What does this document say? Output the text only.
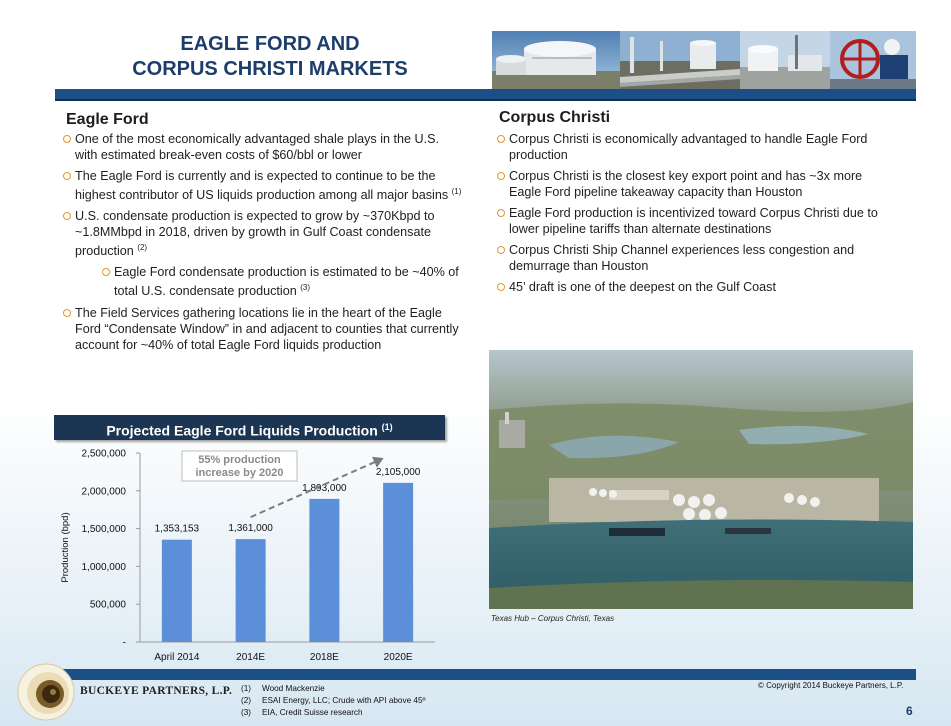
EAGLE FORD AND
CORPUS CHRISTI MARKETS
Eagle Ford
One of the most economically advantaged shale plays in the U.S. with estimated break-even costs of $60/bbl or lower
The Eagle Ford is currently and is expected to continue to be the highest contributor of US liquids production among all major basins $^{(1)}$
U.S. condensate production is expected to grow by ~370Kbpd to ~1.8MMbpd in 2018, driven by growth in Gulf Coast condensate production $^{(2)}$
Eagle Ford condensate production is estimated to be ~40% of total U.S. condensate production $^{(3)}$
The Field Services gathering locations lie in the heart of the Eagle Ford “Condensate Window” in and adjacent to counties that currently account for ~40% of total Eagle Ford liquids production
Corpus Christi
Corpus Christi is economically advantaged to handle Eagle Ford production
Corpus Christi is the closest key export point and has ~3x more Eagle Ford pipeline takeaway capacity than Houston
Eagle Ford production is incentivized toward Corpus Christi due to lower pipeline tariffs than alternate destinations
Corpus Christi Ship Channel experiences less congestion and demurrage than Houston
45’ draft is one of the deepest on the Gulf Coast
Projected Eagle Ford Liquids Production $^{(1)}$
-
500,000
1,000,000
1,500,000
2,000,000
2,500,000
Production (bpd)	1,353,153
April 2014
1,361,000
2014E
1,893,000
2018E
2,105,000
2020E
55% production
increase by 2020
Texas Hub – Corpus Christi, Texas
BUCKEYE PARTNERS, L.P. (1) Wood Mackenzie
(2) ESAI Energy, LLC; Crude with API above 45º
(3) EIA, Credit Suisse research
© Copyright 2014 Buckeye Partners, L.P.
6
